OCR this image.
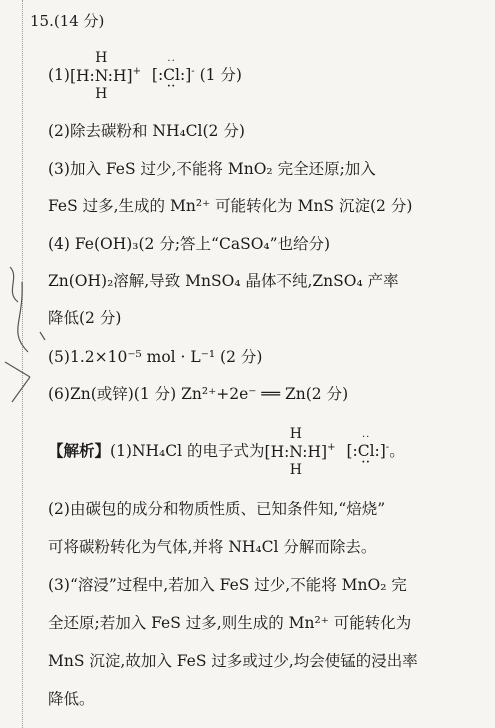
15.(14 分)
(1)
H
[H:N:H]
H
+
··
[:Cl:]
··
- (1 分)
(2)除去碳粉和 NH₄Cl(2 分)
(3)加入 FeS 过少,不能将 MnO₂ 完全还原;加入
FeS 过多,生成的 Mn²⁺ 可能转化为 MnS 沉淀(2 分)
(4) Fe(OH)₃(2 分;答上“CaSO₄”也给分)
Zn(OH)₂溶解,导致 MnSO₄ 晶体不纯,ZnSO₄ 产率
降低(2 分)
(5)1.2×10⁻⁵ mol · L⁻¹ (2 分)
(6)Zn(或锌)(1 分) Zn²⁺+2e⁻ ══ Zn(2 分)
【解析】(1)NH₄Cl 的电子式为
H
[H:N:H]
H
+
··
[:Cl:]
··
-。
(2)由碳包的成分和物质性质、已知条件知,“焙烧”
可将碳粉转化为气体,并将 NH₄Cl 分解而除去。
(3)“溶浸”过程中,若加入 FeS 过少,不能将 MnO₂ 完
全还原;若加入 FeS 过多,则生成的 Mn²⁺ 可能转化为
MnS 沉淀,故加入 FeS 过多或过少,均会使锰的浸出率
降低。
